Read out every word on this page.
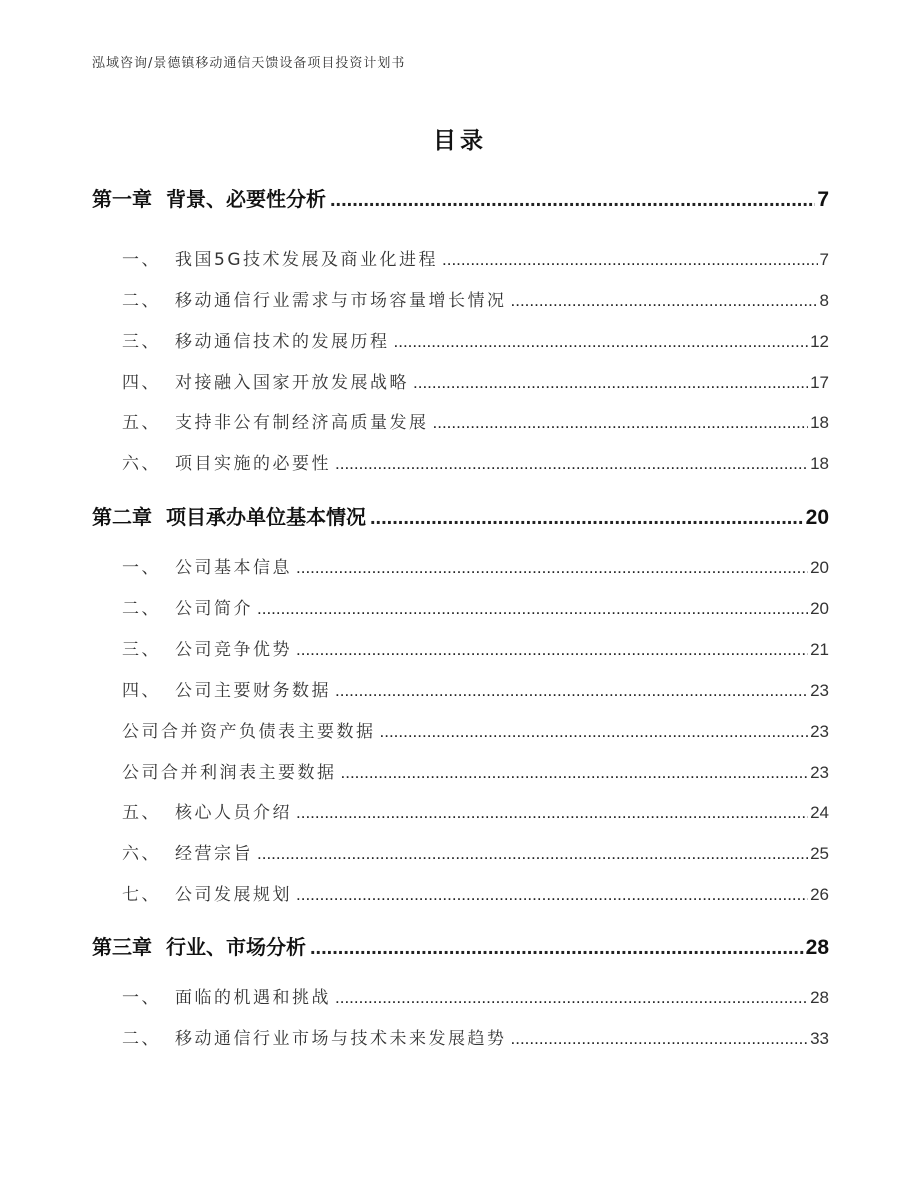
泓域咨询/景德镇移动通信天馈设备项目投资计划书
目录
第一章 背景、必要性分析 .....	7
一、 我国5G技术发展及商业化进程 .....	7
二、 移动通信行业需求与市场容量增长情况 .....	8
三、 移动通信技术的发展历程 .....	12
四、 对接融入国家开放发展战略 .....	17
五、 支持非公有制经济高质量发展 .....	18
六、 项目实施的必要性 .....	18
第二章 项目承办单位基本情况 .....	20
一、 公司基本信息 .....	20
二、 公司简介 .....	20
三、 公司竞争优势 .....	21
四、 公司主要财务数据 .....	23
公司合并资产负债表主要数据 .....	23
公司合并利润表主要数据 .....	23
五、 核心人员介绍 .....	24
六、 经营宗旨 .....	25
七、 公司发展规划 .....	26
第三章 行业、市场分析 .....	28
一、 面临的机遇和挑战 .....	28
二、 移动通信行业市场与技术未来发展趋势 .....	33
